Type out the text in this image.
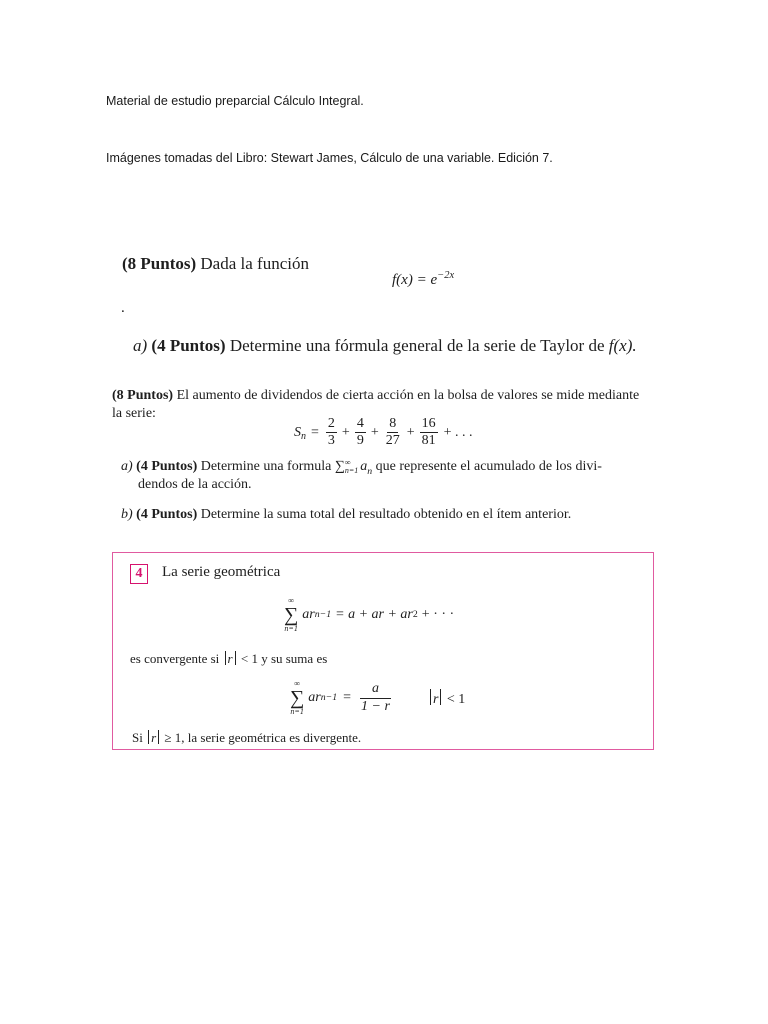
Material de estudio preparcial Cálculo Integral.
Imágenes tomadas del Libro: Stewart James, Cálculo de una variable. Edición 7.
(8 Puntos) Dada la función
$f(x) = e^{-2x}$
.
a) (4 Puntos) Determine una fórmula general de la serie de Taylor de f(x).
(8 Puntos) El aumento de dividendos de cierta acción en la bolsa de valores se mide mediante
la serie:
$S_n = \frac{2}{3} + \frac{4}{9} + \frac{8}{27} + \frac{16}{81}$ + . . .
a) (4 Puntos) Determine una formula ∑ ∞
n=1 $a_n$ que represente el acumulado de los divi-
dendos de la acción.
b) (4 Puntos) Determine la suma total del resultado obtenido en el ítem anterior.
4	La serie geométrica
∞
∑
n=1
ar n−1 = a + ar + ar 2 + · · ·
es convergente si r < 1 y su suma es
∞
∑
n=1
ar $n-1 = \frac{a}{1 - r}$	r < 1
Si r ≥ 1, la serie geométrica es divergente.
